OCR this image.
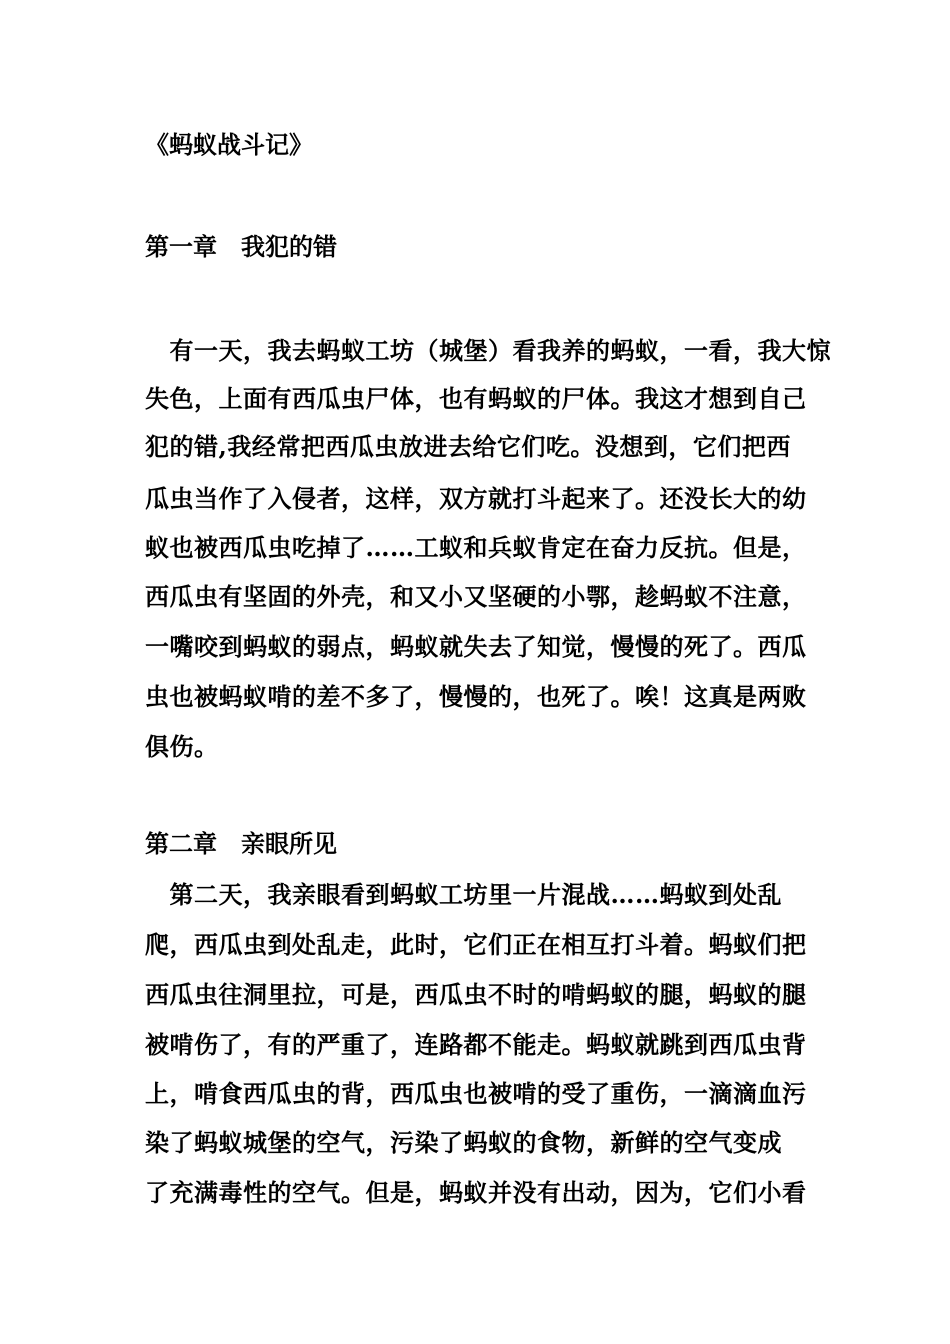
《蚂蚁战斗记》
第一章　我犯的错
　有一天，我去蚂蚁工坊（城堡）看我养的蚂蚁，一看，我大惊
失色，上面有西瓜虫尸体，也有蚂蚁的尸体。我这才想到自己
犯的错,我经常把西瓜虫放进去给它们吃。没想到，它们把西
瓜虫当作了入侵者，这样，双方就打斗起来了。还没长大的幼
蚁也被西瓜虫吃掉了……工蚁和兵蚁肯定在奋力反抗。但是，
西瓜虫有坚固的外壳，和又小又坚硬的小鄂，趁蚂蚁不注意，
一嘴咬到蚂蚁的弱点，蚂蚁就失去了知觉，慢慢的死了。西瓜
虫也被蚂蚁啃的差不多了，慢慢的，也死了。唉！这真是两败
俱伤。
第二章　亲眼所见
　第二天，我亲眼看到蚂蚁工坊里一片混战……蚂蚁到处乱
爬，西瓜虫到处乱走，此时，它们正在相互打斗着。蚂蚁们把
西瓜虫往洞里拉，可是，西瓜虫不时的啃蚂蚁的腿，蚂蚁的腿
被啃伤了，有的严重了，连路都不能走。蚂蚁就跳到西瓜虫背
上，啃食西瓜虫的背，西瓜虫也被啃的受了重伤，一滴滴血污
染了蚂蚁城堡的空气，污染了蚂蚁的食物，新鲜的空气变成
了充满毒性的空气。但是，蚂蚁并没有出动，因为，它们小看
